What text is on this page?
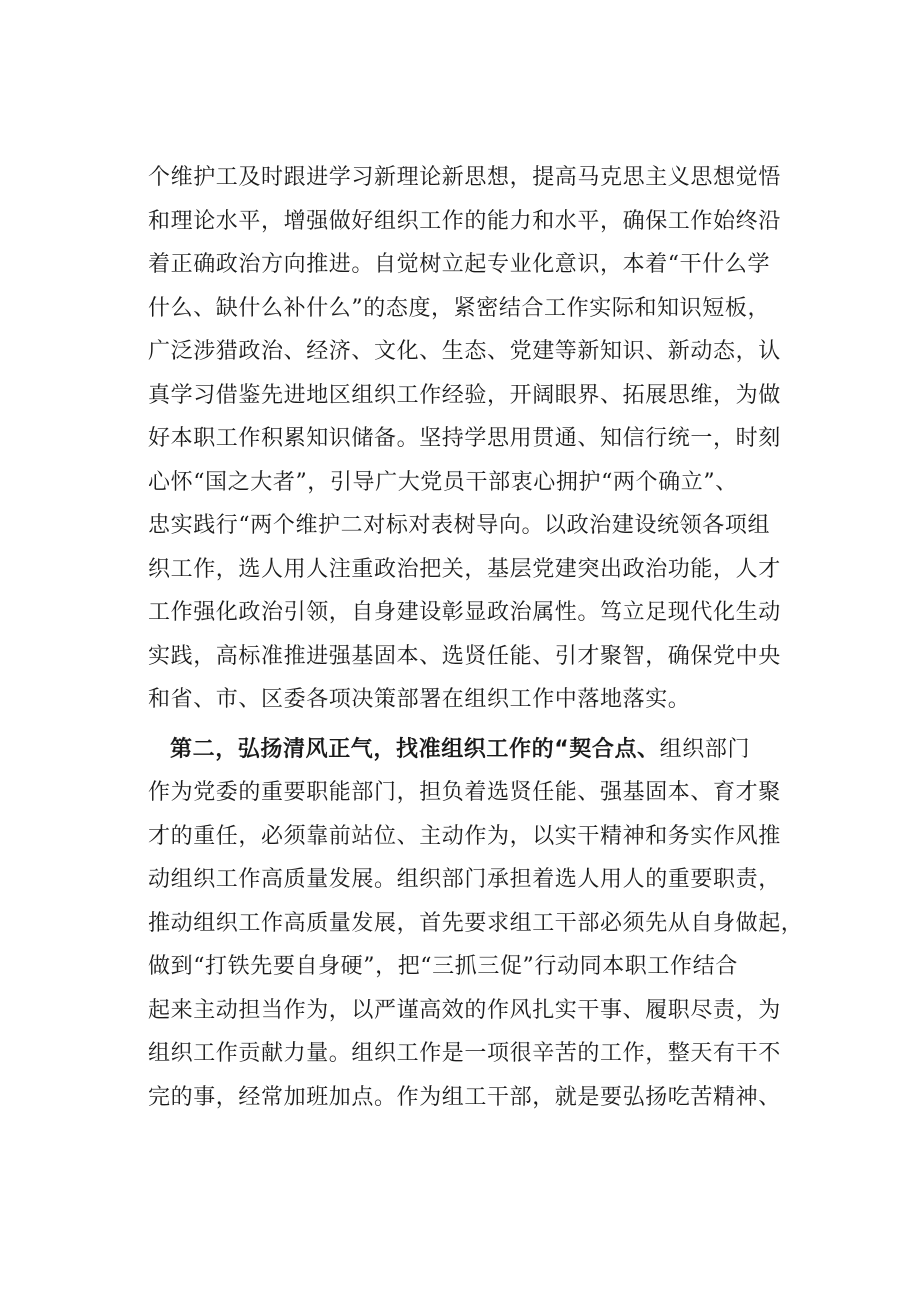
个维护工及时跟进学习新理论新思想，提高马克思主义思想觉悟
和理论水平，增强做好组织工作的能力和水平，确保工作始终沿
着正确政治方向推进。自觉树立起专业化意识，本着“干什么学
什么、缺什么补什么”的态度，紧密结合工作实际和知识短板，
广泛涉猎政治、经济、文化、生态、党建等新知识、新动态，认
真学习借鉴先进地区组织工作经验，开阔眼界、拓展思维，为做
好本职工作积累知识储备。坚持学思用贯通、知信行统一，时刻
心怀“国之大者”，引导广大党员干部衷心拥护“两个确立”、
忠实践行“两个维护二对标对表树导向。以政治建设统领各项组
织工作，选人用人注重政治把关，基层党建突出政治功能，人才
工作强化政治引领，自身建设彰显政治属性。笃立足现代化生动
实践，高标准推进强基固本、选贤任能、引才聚智，确保党中央
和省、市、区委各项决策部署在组织工作中落地落实。
第二，弘扬清风正气，找准组织工作的“契合点、组织部门
作为党委的重要职能部门，担负着选贤任能、强基固本、育才聚
才的重任，必须靠前站位、主动作为，以实干精神和务实作风推
动组织工作高质量发展。组织部门承担着选人用人的重要职责，
推动组织工作高质量发展，首先要求组工干部必须先从自身做起，
做到“打铁先要自身硬”，把“三抓三促”行动同本职工作结合
起来主动担当作为，以严谨高效的作风扎实干事、履职尽责，为
组织工作贡献力量。组织工作是一项很辛苦的工作，整天有干不
完的事，经常加班加点。作为组工干部，就是要弘扬吃苦精神、
